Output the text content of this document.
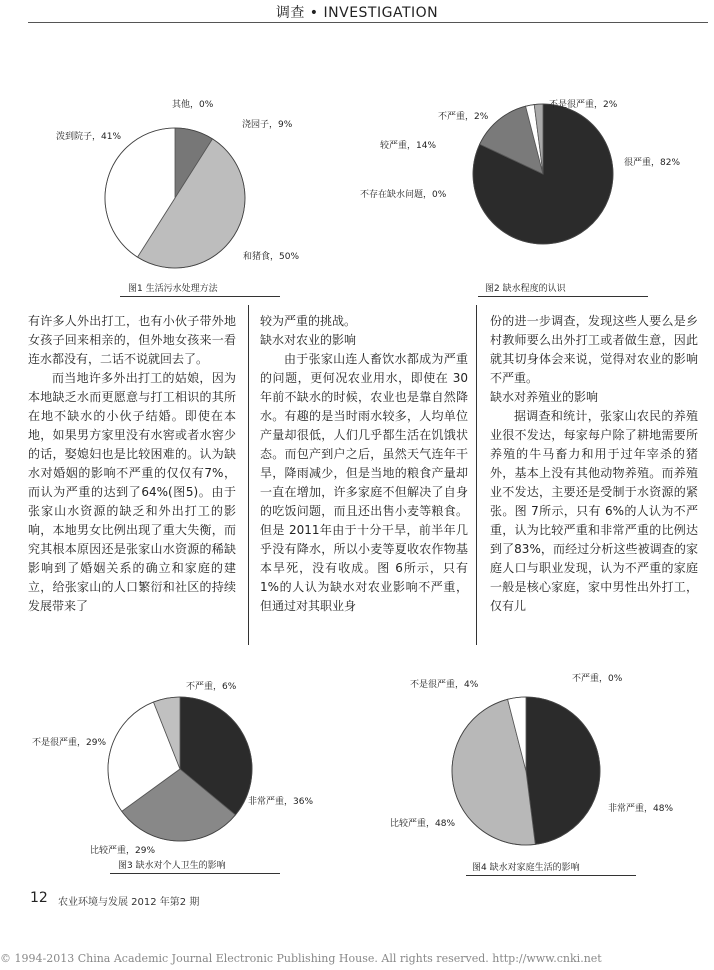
调查 • INVESTIGATION
其他，0%
浇园子，9%
和猪食，50%
泼到院子，41%
图1 生活污水处理方法
很严重，82%
不存在缺水问题，0%
较严重，14%
不严重，2%
不是很严重，2%
图2 缺水程度的认识

有许多人外出打工，也有小伙子带外地女孩子回来相亲的，但外地女孩来一看连水都没有，二话不说就回去了。

而当地许多外出打工的姑娘，因为本地缺乏水而更愿意与打工相识的其所在地不缺水的小伙子结婚。即使在本地，如果男方家里没有水窖或者水窖少的话，娶媳妇也是比较困难的。认为缺水对婚姻的影响不严重的仅仅有7%，而认为严重的达到了64%(图5)。由于张家山水资源的缺乏和外出打工的影响，本地男女比例出现了重大失衡，而究其根本原因还是张家山水资源的稀缺影响到了婚姻关系的确立和家庭的建立，给张家山的人口繁衍和社区的持续发展带来了

较为严重的挑战。

缺水对农业的影响

由于张家山连人畜饮水都成为严重的问题，更何况农业用水，即使在 30年前不缺水的时候，农业也是靠自然降水。有趣的是当时雨水较多，人均单位产量却很低，人们几乎都生活在饥饿状态。而包产到户之后，虽然天气连年干旱，降雨减少，但是当地的粮食产量却一直在增加，许多家庭不但解决了自身的吃饭问题，而且还出售小麦等粮食。但是 2011年由于十分干旱，前半年几乎没有降水，所以小麦等夏收农作物基本旱死，没有收成。图 6所示，只有 1%的人认为缺水对农业影响不严重，但通过对其职业身

份的进一步调查，发现这些人要么是乡村教师要么出外打工或者做生意，因此就其切身体会来说，觉得对农业的影响不严重。

缺水对养殖业的影响

据调查和统计，张家山农民的养殖业很不发达，每家每户除了耕地需要所养殖的牛马畜力和用于过年宰杀的猪外，基本上没有其他动物养殖。而养殖业不发达，主要还是受制于水资源的紧张。图 7所示，只有 6%的人认为不严重，认为比较严重和非常严重的比例达到了83%，而经过分析这些被调查的家庭人口与职业发现，认为不严重的家庭一般是核心家庭，家中男性出外打工，仅有儿

非常严重，36%
比较严重，29%
不是很严重，29%
不严重，6%
图3 缺水对个人卫生的影响
不严重，0%
非常严重，48%
比较严重，48%
不是很严重，4%
图4 缺水对家庭生活的影响
12 农业环境与发展 2012 年第2 期
© 1994-2013 China Academic Journal Electronic Publishing House. All rights reserved. http://www.cnki.net
